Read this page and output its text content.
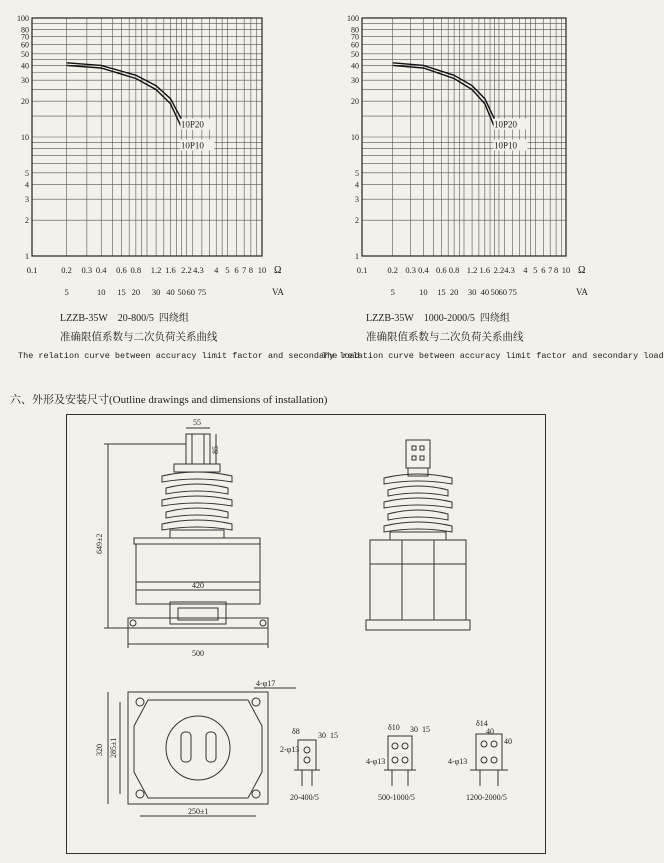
1
2
3
4
5
10
20
30
40
50
60
70
80
100
0.1	0.2 0.3 0.4 0.6 0.8 1.2 1.6 2.2 4.3 4 5 6 7 8 10 Ω
5	10 15 20 30 40 50 60 75	VA
10P20
10P10
LZZB-35W 20-800/5 四绕组
准确限值系数与二次负荷关系曲线
The relation curve between accuracy limit factor and secondary load
1
2
3
4
5
10
20
30
40
50
60
70
80
100
0.1 0.2 0.3 0.4 0.6 0.8 1.2 1.6 2.2 4.3 4 5 6 7 8 10 Ω
5	10 15 20 30 40 50 60 75	VA
10P20
10P10
LZZB-35W 1000-2000/5 四绕组
准确限值系数与二次负荷关系曲线
The relation curve between accuracy limit factor and secondary load
六、外形及安装尺寸(Outline drawings and dimensions of installation)
55
85
649±2
420
500
4-φ17
320 285±1
250±1
δ8 30 15
2-φ13
20-400/5
δ10 30 15
4-φ13
500-1000/5
δ14
40
40
4-φ13
1200-2000/5
